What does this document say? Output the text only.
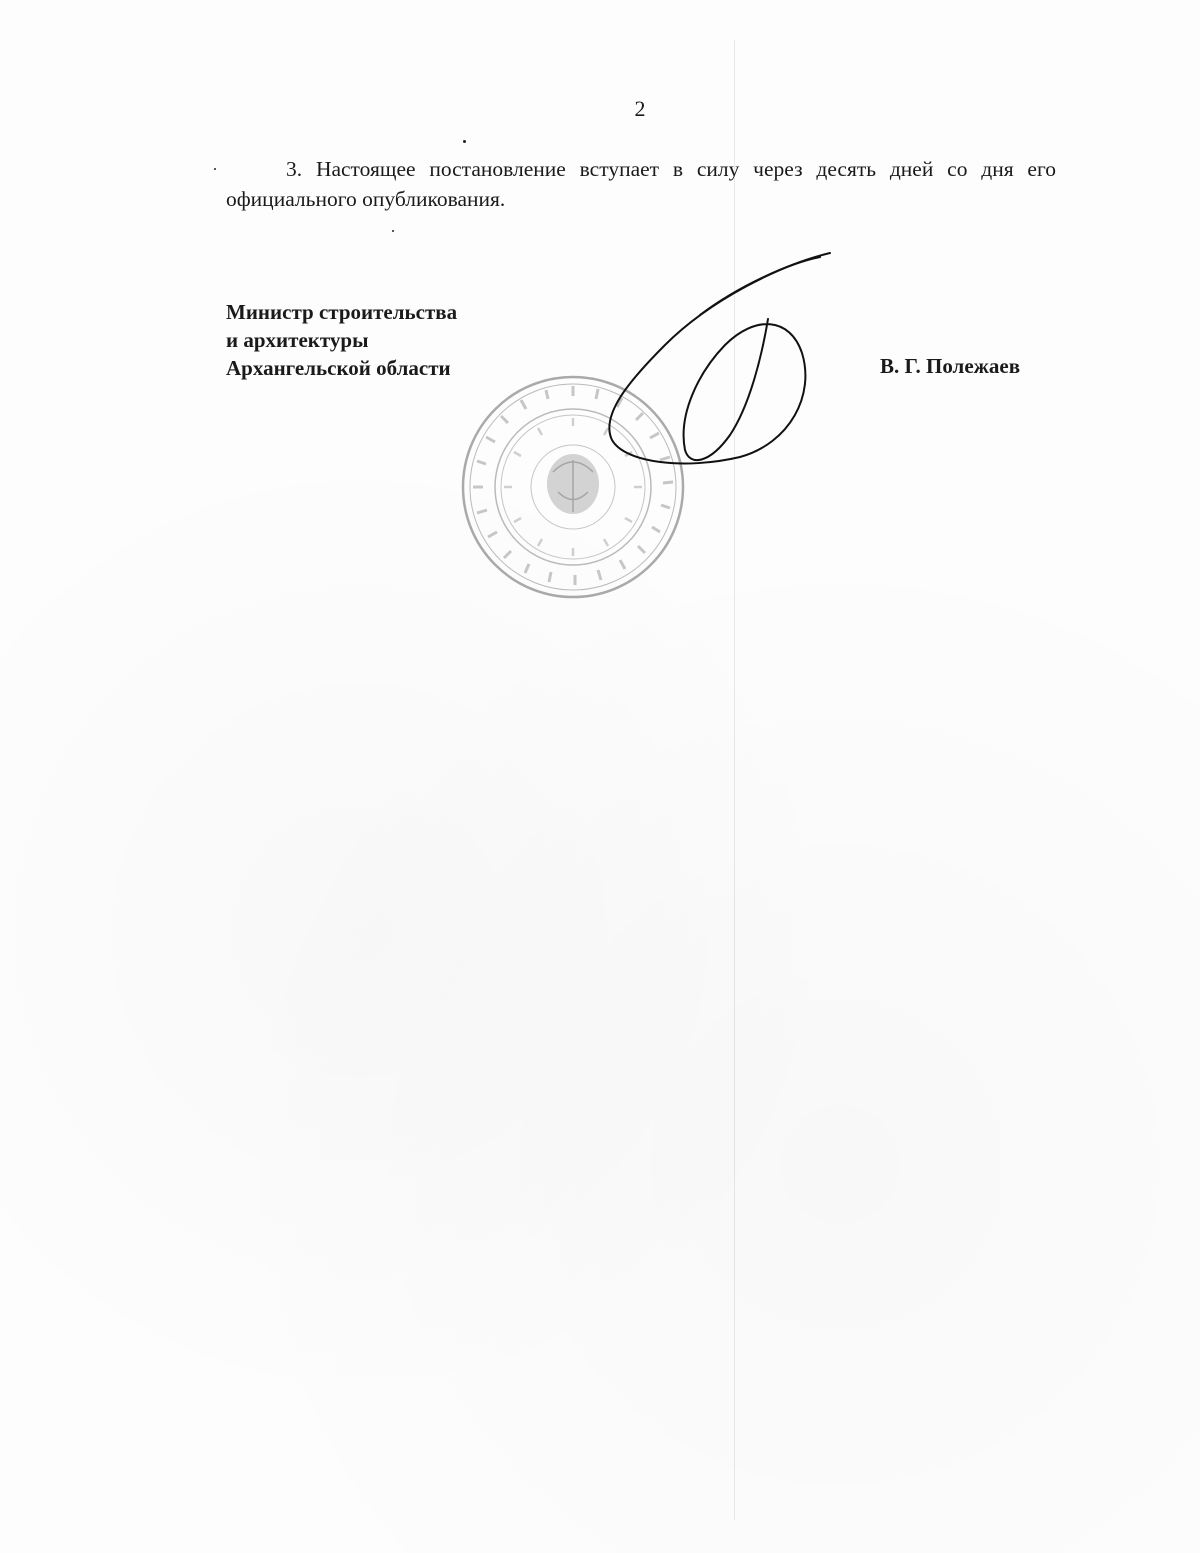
2
3. Настоящее постановление вступает в силу через десять дней со дня его официального опубликования.
Министр строительства
и архитектуры
Архангельской области	В. Г. Полежаев
